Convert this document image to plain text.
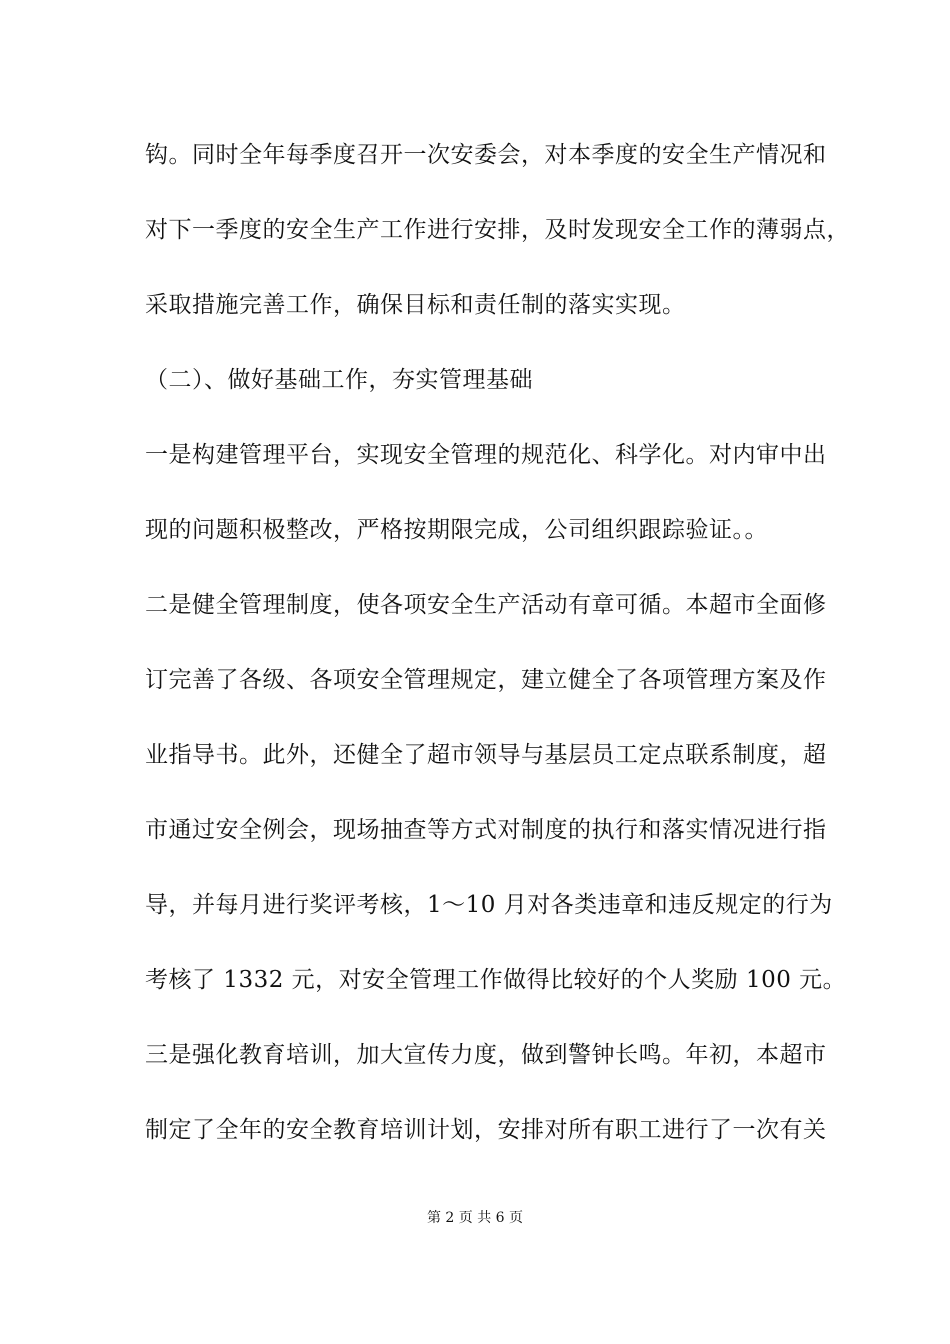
钩。同时全年每季度召开一次安委会，对本季度的安全生产情况和
对下一季度的安全生产工作进行安排，及时发现安全工作的薄弱点，
采取措施完善工作，确保目标和责任制的落实实现。
（二）、做好基础工作，夯实管理基础
一是构建管理平台，实现安全管理的规范化、科学化。对内审中出
现的问题积极整改，严格按期限完成，公司组织跟踪验证。。
二是健全管理制度，使各项安全生产活动有章可循。本超市全面修
订完善了各级、各项安全管理规定，建立健全了各项管理方案及作
业指导书。此外，还健全了超市领导与基层员工定点联系制度，超
市通过安全例会，现场抽查等方式对制度的执行和落实情况进行指
导，并每月进行奖评考核，1～10 月对各类违章和违反规定的行为
考核了 1332 元，对安全管理工作做得比较好的个人奖励 100 元。
三是强化教育培训，加大宣传力度，做到警钟长鸣。年初，本超市
制定了全年的安全教育培训计划，安排对所有职工进行了一次有关
第 2 页 共 6 页
